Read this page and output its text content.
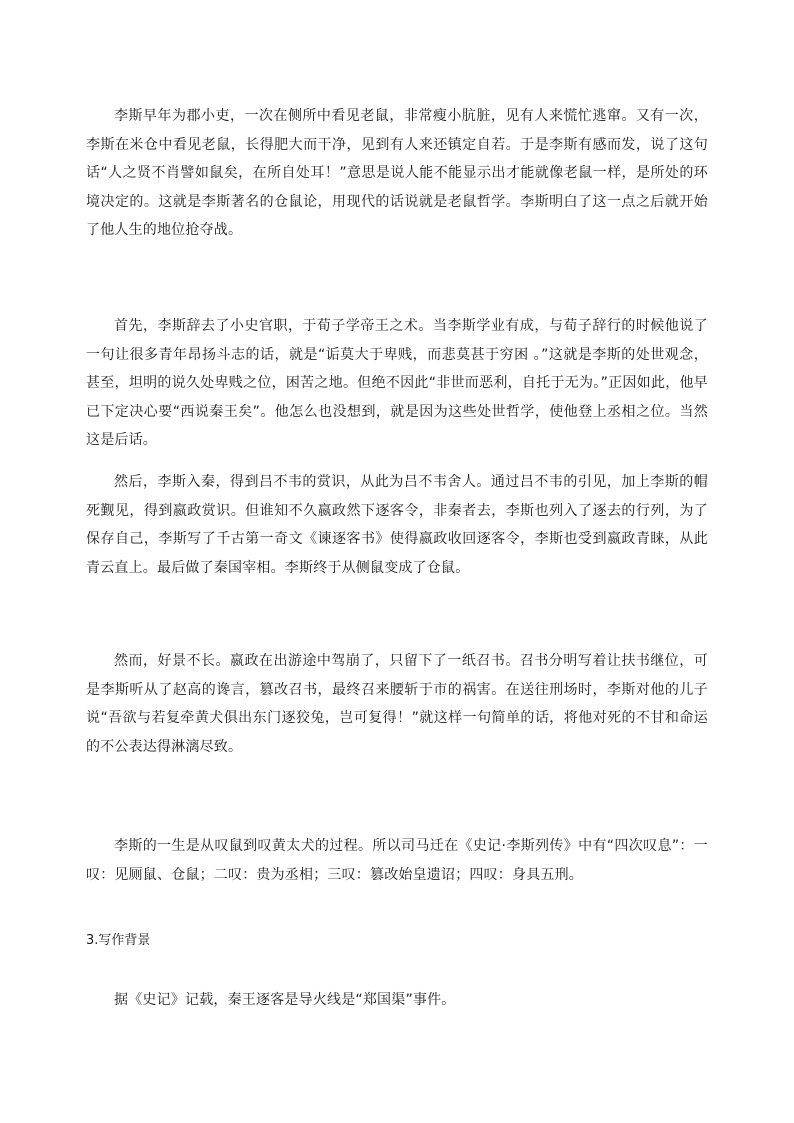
李斯早年为郡小吏，一次在侧所中看见老鼠，非常瘦小肮脏，见有人来慌忙逃窜。又有一次，李斯在米仓中看见老鼠，长得肥大而干净，见到有人来还镇定自若。于是李斯有感而发，说了这句话“人之贤不肖譬如鼠矣，在所自处耳！”意思是说人能不能显示出才能就像老鼠一样，是所处的环境决定的。这就是李斯著名的仓鼠论，用现代的话说就是老鼠哲学。李斯明白了这一点之后就开始了他人生的地位抢夺战。

首先，李斯辞去了小史官职，于荀子学帝王之术。当李斯学业有成，与荀子辞行的时候他说了一句让很多青年昂扬斗志的话，就是“诟莫大于卑贱，而悲莫甚于穷困 。”这就是李斯的处世观念，甚至，坦明的说久处卑贱之位，困苦之地。但绝不因此“非世而恶利，自托于无为。”正因如此，他早已下定决心要“西说秦王矣”。他怎么也没想到，就是因为这些处世哲学，使他登上丞相之位。当然这是后话。

然后，李斯入秦，得到吕不韦的赏识，从此为吕不韦舍人。通过吕不韦的引见，加上李斯的帽死觐见，得到嬴政赏识。但谁知不久嬴政然下逐客令，非秦者去，李斯也列入了逐去的行列，为了保存自己，李斯写了千古第一奇文《谏逐客书》使得嬴政收回逐客令，李斯也受到嬴政青睐，从此青云直上。最后做了秦国宰相。李斯终于从侧鼠变成了仓鼠。

然而，好景不长。嬴政在出游途中驾崩了，只留下了一纸召书。召书分明写着让扶书继位，可是李斯听从了赵高的谗言，篡改召书，最终召来腰斩于市的祸害。在送往刑场时，李斯对他的儿子说“吾欲与若复牵黄犬俱出东门逐狡兔，岂可复得！”就这样一句简单的话，将他对死的不甘和命运的不公表达得淋漓尽致。

李斯的一生是从叹鼠到叹黄太犬的过程。所以司马迁在《史记·李斯列传》中有“四次叹息”：一叹：见厕鼠、仓鼠；二叹：贵为丞相；三叹：篡改始皇遗诏；四叹：身具五刑。

3.写作背景

据《史记》记载，秦王逐客是导火线是“郑国渠”事件。
